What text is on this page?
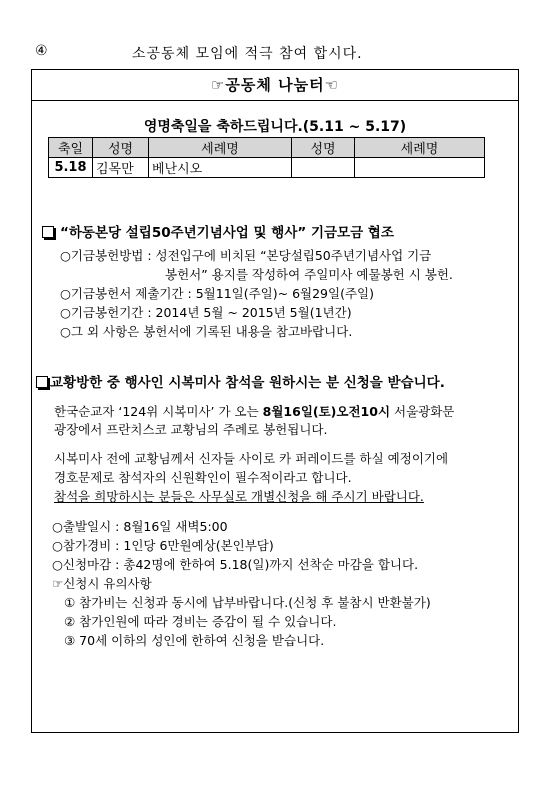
④	소공동체 모임에 적극 참여 합시다.
☞공동체 나눔터☜
영명축일을 축하드립니다.(5.11 ~ 5.17)
축일	성명	세례명	성명	세례명
5.18	김목만	베난시오		
“하동본당 설립50주년기념사업 및 행사” 기금모금 협조
○기금봉헌방법 : 성전입구에 비치된 “본당설립50주년기념사업 기금
봉헌서” 용지를 작성하여 주일미사 예물봉헌 시 봉헌.
○기금봉헌서 제출기간 : 5월11일(주일)~ 6월29일(주일)
○기금봉헌기간 : 2014년 5월 ~ 2015년 5월(1년간)
○그 외 사항은 봉헌서에 기록된 내용을 참고바랍니다.
교황방한 중 행사인 시복미사 참석을 원하시는 분 신청을 받습니다.
한국순교자 ‘124위 시복미사’ 가 오는 8월16일(토)오전10시 서울광화문
광장에서 프란치스코 교황님의 주례로 봉헌됩니다.
시복미사 전에 교황님께서 신자들 사이로 카 퍼레이드를 하실 예정이기에
경호문제로 참석자의 신원확인이 필수적이라고 합니다.
참석을 희망하시는 분들은 사무실로 개별신청을 해 주시기 바랍니다.
○출발일시 : 8월16일 새벽5:00
○참가경비 : 1인당 6만원예상(본인부담)
○신청마감 : 총42명에 한하여 5.18(일)까지 선착순 마감을 합니다.
☞신청시 유의사항
① 참가비는 신청과 동시에 납부바랍니다.(신청 후 불참시 반환불가)
② 참가인원에 따라 경비는 증감이 될 수 있습니다.
③ 70세 이하의 성인에 한하여 신청을 받습니다.
